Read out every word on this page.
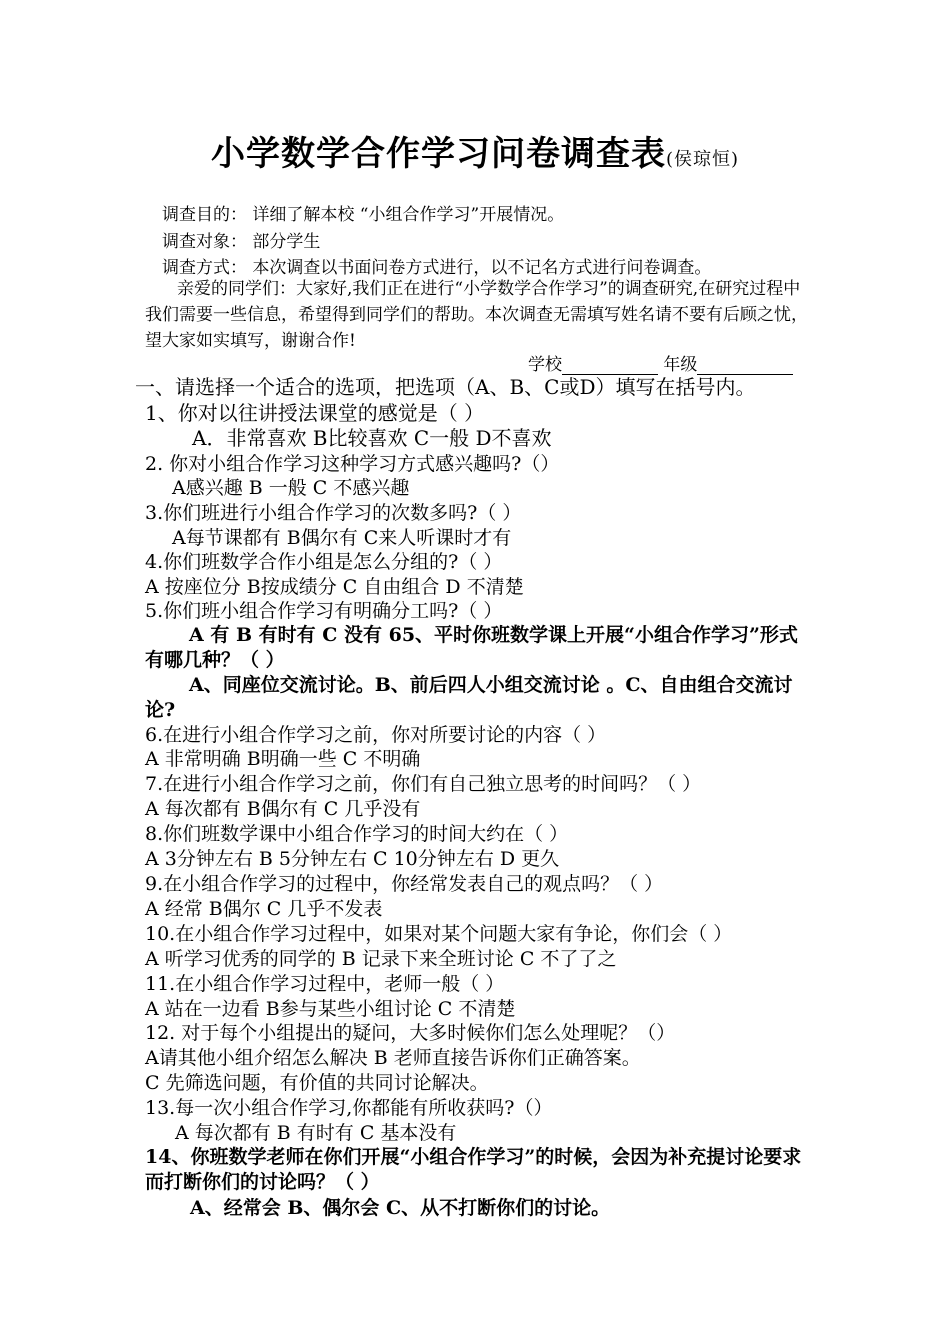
小学数学合作学习问卷调查表(侯琼恒)
调查目的： 详细了解本校 “小组合作学习”开展情况。
调查对象： 部分学生
调查方式： 本次调查以书面问卷方式进行，以不记名方式进行问卷调查。
亲爱的同学们：大家好,我们正在进行“小学数学合作学习”的调查研究,在研究过程中我们需要一些信息，希望得到同学们的帮助。本次调查无需填写姓名请不要有后顾之忧，望大家如实填写，谢谢合作!
学校	年级
一、请选择一个适合的选项，把选项（A、B、C或D）填写在括号内。
1、你对以往讲授法课堂的感觉是（ ）
A．非常喜欢 B比较喜欢 C一般 D不喜欢
2. 你对小组合作学习这种学习方式感兴趣吗?（）
A感兴趣 B 一般 C 不感兴趣
3.你们班进行小组合作学习的次数多吗?（ ）
A每节课都有 B偶尔有 C来人听课时才有
4.你们班数学合作小组是怎么分组的?（ ）
A 按座位分 B按成绩分 C 自由组合 D 不清楚
5.你们班小组合作学习有明确分工吗?（ ）
A 有 B 有时有 C 没有 65、平时你班数学课上开展“小组合作学习”形式有哪几种？（ ）
A、同座位交流讨论。B、前后四人小组交流讨论 。C、自由组合交流讨论?
6.在进行小组合作学习之前，你对所要讨论的内容（ ）
A 非常明确 B明确一些 C 不明确
7.在进行小组合作学习之前，你们有自己独立思考的时间吗？（ ）
A 每次都有 B偶尔有 C 几乎没有
8.你们班数学课中小组合作学习的时间大约在（ ）
A 3分钟左右 B 5分钟左右 C 10分钟左右 D 更久
9.在小组合作学习的过程中，你经常发表自己的观点吗？（ ）
A 经常 B偶尔 C 几乎不发表
10.在小组合作学习过程中，如果对某个问题大家有争论，你们会（ ）
A 听学习优秀的同学的 B 记录下来全班讨论 C 不了了之
11.在小组合作学习过程中，老师一般（ ）
A 站在一边看 B参与某些小组讨论 C 不清楚
12. 对于每个小组提出的疑问，大多时候你们怎么处理呢？（）
A请其他小组介绍怎么解决 B 老师直接告诉你们正确答案。
C 先筛选问题，有价值的共同讨论解决。
13.每一次小组合作学习,你都能有所收获吗?（）
A 每次都有 B 有时有 C 基本没有
14、你班数学老师在你们开展“小组合作学习”的时候，会因为补充提讨论要求而打断你们的讨论吗？（ ）
A、经常会 B、偶尔会 C、从不打断你们的讨论。
